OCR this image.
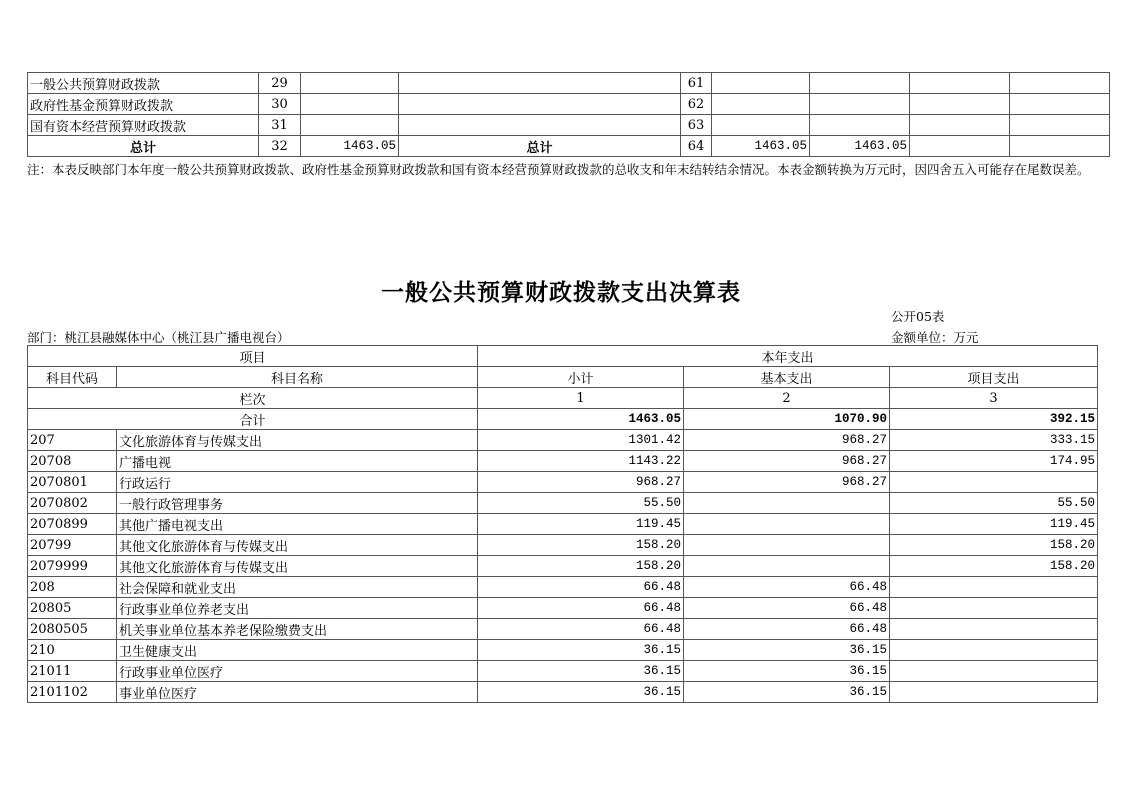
一般公共预算财政拨款	29			61				
政府性基金预算财政拨款	30			62				
国有资本经营预算财政拨款	31			63				
总计	32	1463.05	总计	64	1463.05	1463.05		
注：本表反映部门本年度一般公共预算财政拨款、政府性基金预算财政拨款和国有资本经营预算财政拨款的总收支和年末结转结余情况。本表金额转换为万元时，因四舍五入可能存在尾数误差。
一般公共预算财政拨款支出决算表
公开05表
部门：桃江县融媒体中心（桃江县广播电视台）	金额单位：万元
项目		本年支出		
科目代码	科目名称	小计	基本支出	项目支出
栏次		1	2	3
合计		1463.05	1070.90	392.15
207	文化旅游体育与传媒支出	1301.42	968.27	333.15
20708	广播电视	1143.22	968.27	174.95
2070801	行政运行	968.27	968.27	
2070802	一般行政管理事务	55.50		55.50
2070899	其他广播电视支出	119.45		119.45
20799	其他文化旅游体育与传媒支出	158.20		158.20
2079999	其他文化旅游体育与传媒支出	158.20		158.20
208	社会保障和就业支出	66.48	66.48	
20805	行政事业单位养老支出	66.48	66.48	
2080505	机关事业单位基本养老保险缴费支出	66.48	66.48	
210	卫生健康支出	36.15	36.15	
21011	行政事业单位医疗	36.15	36.15	
2101102	事业单位医疗	36.15	36.15	
